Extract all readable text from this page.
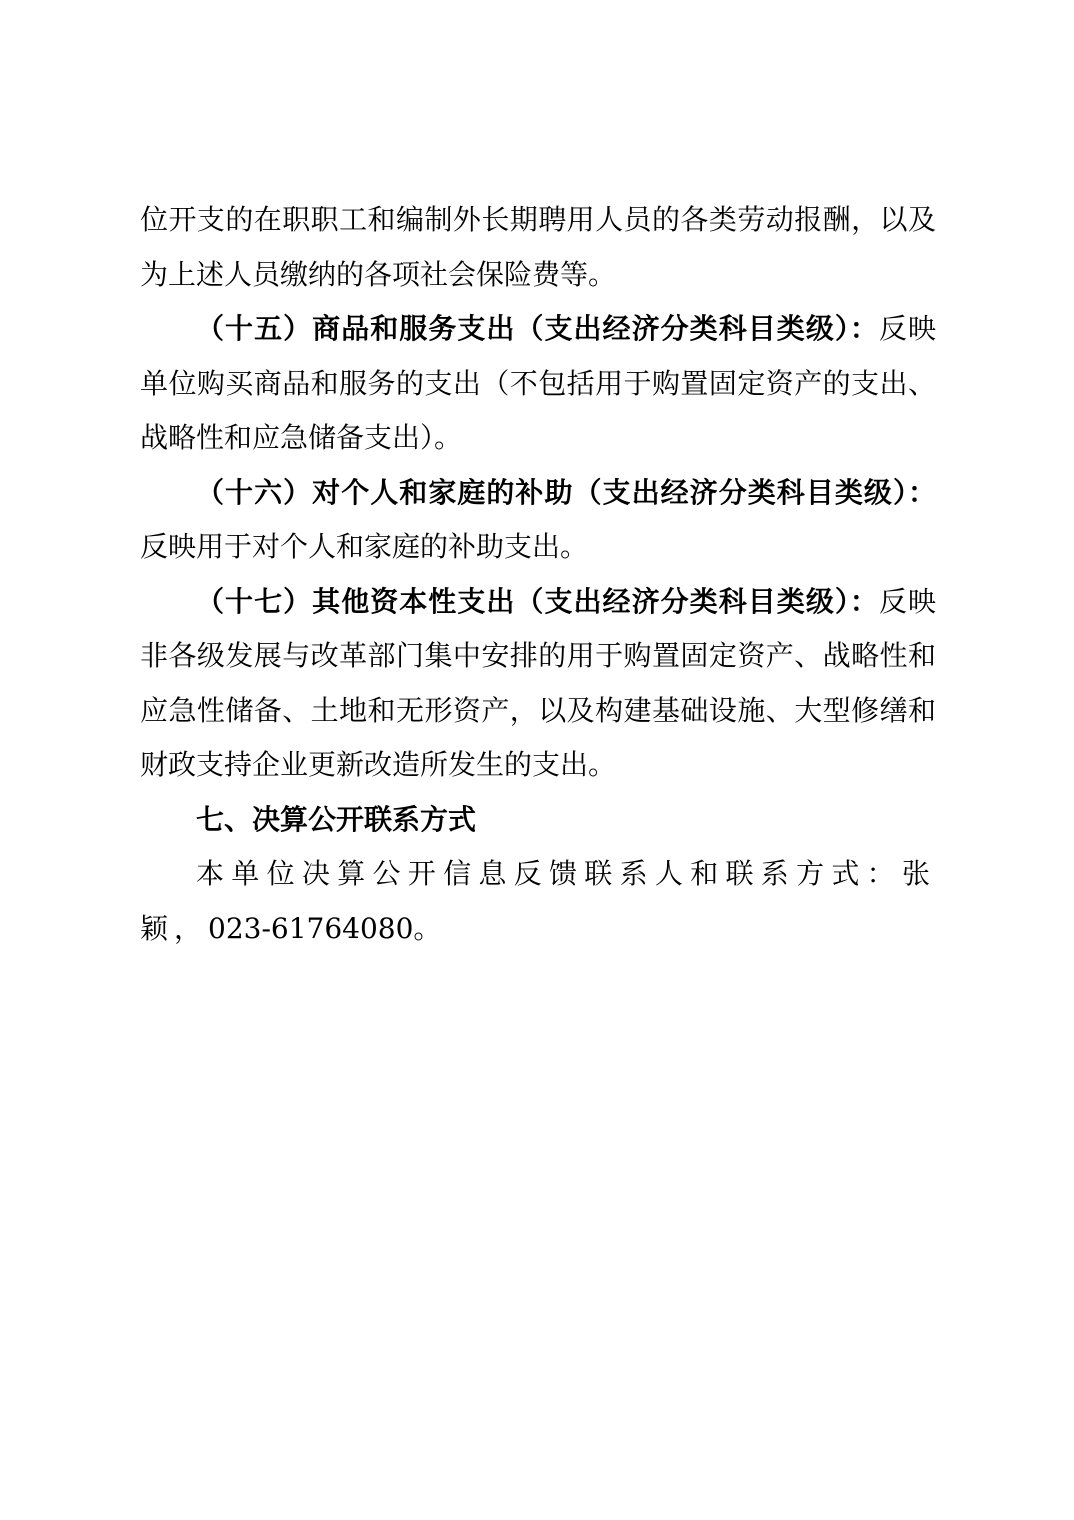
位开支的在职职工和编制外长期聘用人员的各类劳动报酬，以及为上述人员缴纳的各项社会保险费等。

（十五）商品和服务支出（支出经济分类科目类级）：反映单位购买商品和服务的支出（不包括用于购置固定资产的支出、战略性和应急储备支出）。

（十六）对个人和家庭的补助（支出经济分类科目类级）：反映用于对个人和家庭的补助支出。

（十七）其他资本性支出（支出经济分类科目类级）：反映非各级发展与改革部门集中安排的用于购置固定资产、战略性和应急性储备、土地和无形资产，以及构建基础设施、大型修缮和财政支持企业更新改造所发生的支出。

七、决算公开联系方式

本单位决算公开信息反馈联系人和联系方式：张颖，023-61764080。
